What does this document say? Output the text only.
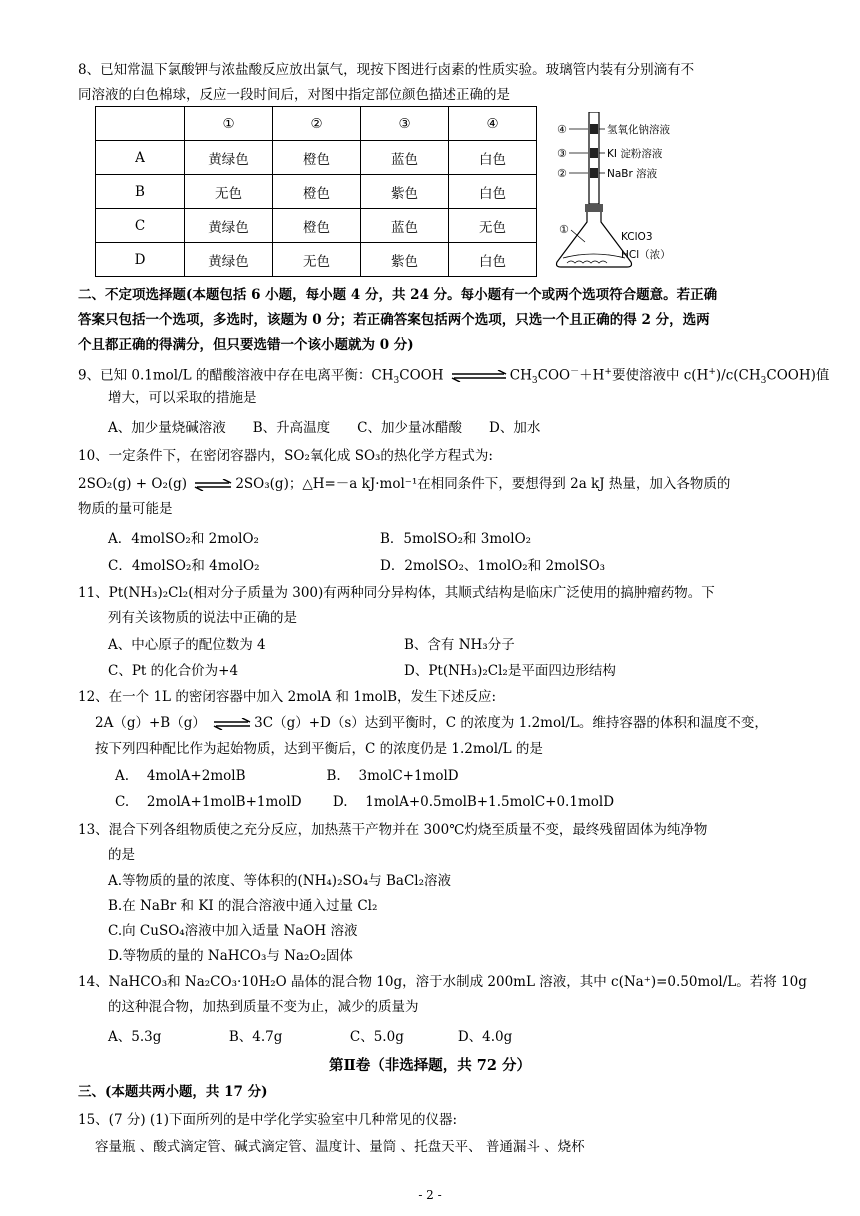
8、已知常温下氯酸钾与浓盐酸反应放出氯气，现按下图进行卤素的性质实验。玻璃管内装有分别滴有不
同溶液的白色棉球，反应一段时间后，对图中指定部位颜色描述正确的是
	①	②	③	④
A	黄绿色	橙色	蓝色	白色
B	无色	橙色	紫色	白色
C	黄绿色	橙色	蓝色	无色
D	黄绿色	无色	紫色	白色
④
③
②
①
氢氧化钠溶液
KI 淀粉溶液
NaBr 溶液
KClO3
HCl（浓）
二、不定项选择题(本题包括 6 小题，每小题 4 分，共 24 分。每小题有一个或两个选项符合题意。若正确
答案只包括一个选项，多选时，该题为 0 分；若正确答案包括两个选项，只选一个且正确的得 2 分，选两
个且都正确的得满分，但只要选错一个该小题就为 0 分)
9、已知 0.1mol/L 的醋酸溶液中存在电离平衡：$CH_3COOH$	$CH_3COO^-+H^+$要使溶液中 $c(H^+)/c(CH_3COOH)$值
增大，可以采取的措施是
A、加少量烧碱溶液　　B、升高温度　　C、加少量冰醋酸　　D、加水
10、一定条件下，在密闭容器内，SO₂氧化成 SO₃的热化学方程式为:
2SO₂(g) + O₂(g) ⇌ 2SO₃(g)；△H=－a kJ·mol⁻¹在相同条件下，要想得到 2a kJ 热量，加入各物质的
物质的量可能是
A．4molSO₂和 2molO₂	B．5molSO₂和 3molO₂
C．4molSO₂和 4molO₂	D．2molSO₂、1molO₂和 2molSO₃
11、Pt(NH₃)₂Cl₂(相对分子质量为 300)有两种同分异构体，其顺式结构是临床广泛使用的搞肿瘤药物。下
列有关该物质的说法中正确的是
A、中心原子的配位数为 4	B、含有 NH₃分子
C、Pt 的化合价为+4	D、Pt(NH₃)₂Cl₂是平面四边形结构
12、在一个 1L 的密闭容器中加入 2molA 和 1molB，发生下述反应:
2A（g）+B（g） ⇌ 3C（g）+D（s）达到平衡时，C 的浓度为 1.2mol/L。维持容器的体积和温度不变，
按下列四种配比作为起始物质，达到平衡后，C 的浓度仍是 1.2mol/L 的是
A.　 4molA+2molB　　　　　　B.　 3molC+1molD
C.　 2molA+1molB+1molD　　 D.　 1molA+0.5molB+1.5molC+0.1molD
13、混合下列各组物质使之充分反应，加热蒸干产物并在 300℃灼烧至质量不变，最终残留固体为纯净物
的是
A.等物质的量的浓度、等体积的(NH₄)₂SO₄与 BaCl₂溶液
B.在 NaBr 和 KI 的混合溶液中通入过量 Cl₂
C.向 CuSO₄溶液中加入适量 NaOH 溶液
D.等物质的量的 NaHCO₃与 Na₂O₂固体
14、NaHCO₃和 Na₂CO₃·10H₂O 晶体的混合物 10g，溶于水制成 200mL 溶液，其中 c(Na⁺)=0.50mol/L。若将 10g
的这种混合物，加热到质量不变为止，减少的质量为
A、5.3g　　　　　B、4.7g　　　　　C、5.0g　　　　D、4.0g
第Ⅱ卷（非选择题，共 72 分）
三、(本题共两小题，共 17 分)
15、(7 分) (1)下面所列的是中学化学实验室中几种常见的仪器:
容量瓶 、酸式滴定管、碱式滴定管、温度计、量筒 、托盘天平、 普通漏斗 、烧杯
- 2 -
